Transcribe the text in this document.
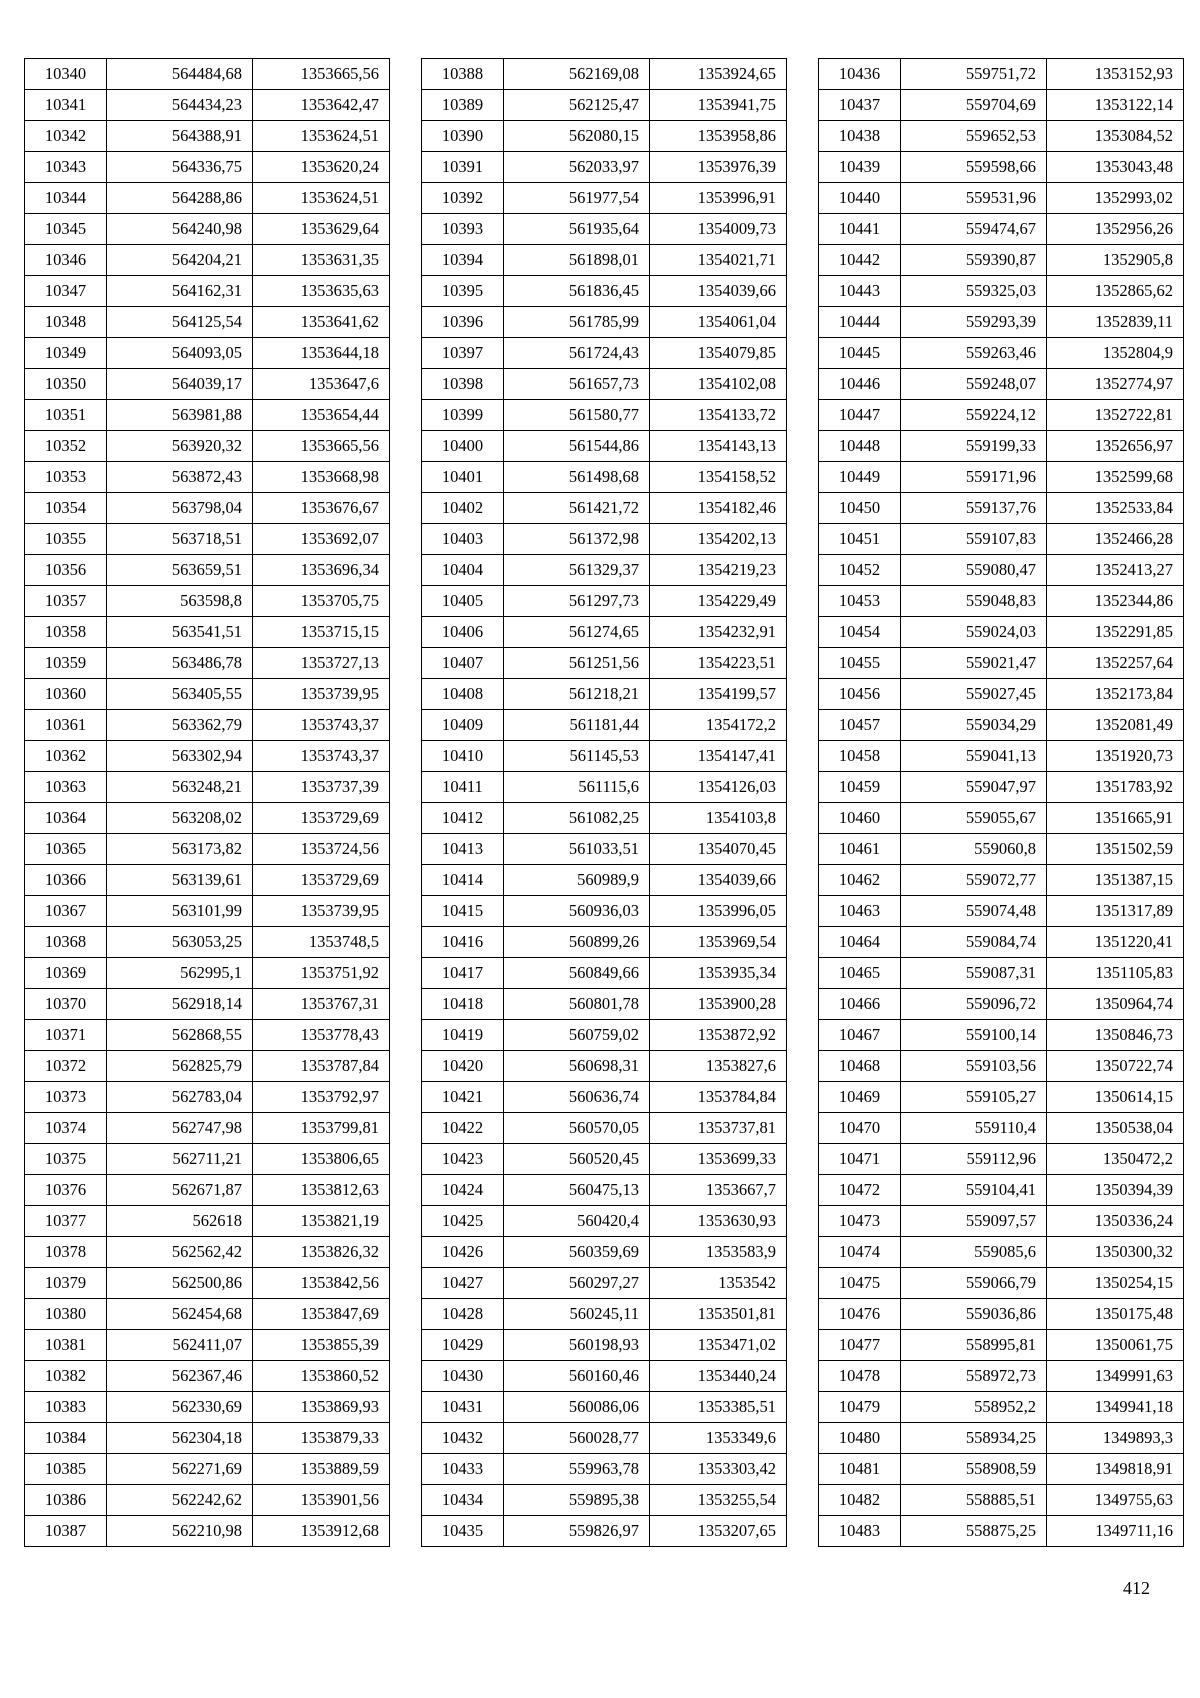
10340	564484,68	1353665,56
10341	564434,23	1353642,47
10342	564388,91	1353624,51
10343	564336,75	1353620,24
10344	564288,86	1353624,51
10345	564240,98	1353629,64
10346	564204,21	1353631,35
10347	564162,31	1353635,63
10348	564125,54	1353641,62
10349	564093,05	1353644,18
10350	564039,17	1353647,6
10351	563981,88	1353654,44
10352	563920,32	1353665,56
10353	563872,43	1353668,98
10354	563798,04	1353676,67
10355	563718,51	1353692,07
10356	563659,51	1353696,34
10357	563598,8	1353705,75
10358	563541,51	1353715,15
10359	563486,78	1353727,13
10360	563405,55	1353739,95
10361	563362,79	1353743,37
10362	563302,94	1353743,37
10363	563248,21	1353737,39
10364	563208,02	1353729,69
10365	563173,82	1353724,56
10366	563139,61	1353729,69
10367	563101,99	1353739,95
10368	563053,25	1353748,5
10369	562995,1	1353751,92
10370	562918,14	1353767,31
10371	562868,55	1353778,43
10372	562825,79	1353787,84
10373	562783,04	1353792,97
10374	562747,98	1353799,81
10375	562711,21	1353806,65
10376	562671,87	1353812,63
10377	562618	1353821,19
10378	562562,42	1353826,32
10379	562500,86	1353842,56
10380	562454,68	1353847,69
10381	562411,07	1353855,39
10382	562367,46	1353860,52
10383	562330,69	1353869,93
10384	562304,18	1353879,33
10385	562271,69	1353889,59
10386	562242,62	1353901,56
10387	562210,98	1353912,68
10388	562169,08	1353924,65
10389	562125,47	1353941,75
10390	562080,15	1353958,86
10391	562033,97	1353976,39
10392	561977,54	1353996,91
10393	561935,64	1354009,73
10394	561898,01	1354021,71
10395	561836,45	1354039,66
10396	561785,99	1354061,04
10397	561724,43	1354079,85
10398	561657,73	1354102,08
10399	561580,77	1354133,72
10400	561544,86	1354143,13
10401	561498,68	1354158,52
10402	561421,72	1354182,46
10403	561372,98	1354202,13
10404	561329,37	1354219,23
10405	561297,73	1354229,49
10406	561274,65	1354232,91
10407	561251,56	1354223,51
10408	561218,21	1354199,57
10409	561181,44	1354172,2
10410	561145,53	1354147,41
10411	561115,6	1354126,03
10412	561082,25	1354103,8
10413	561033,51	1354070,45
10414	560989,9	1354039,66
10415	560936,03	1353996,05
10416	560899,26	1353969,54
10417	560849,66	1353935,34
10418	560801,78	1353900,28
10419	560759,02	1353872,92
10420	560698,31	1353827,6
10421	560636,74	1353784,84
10422	560570,05	1353737,81
10423	560520,45	1353699,33
10424	560475,13	1353667,7
10425	560420,4	1353630,93
10426	560359,69	1353583,9
10427	560297,27	1353542
10428	560245,11	1353501,81
10429	560198,93	1353471,02
10430	560160,46	1353440,24
10431	560086,06	1353385,51
10432	560028,77	1353349,6
10433	559963,78	1353303,42
10434	559895,38	1353255,54
10435	559826,97	1353207,65
10436	559751,72	1353152,93
10437	559704,69	1353122,14
10438	559652,53	1353084,52
10439	559598,66	1353043,48
10440	559531,96	1352993,02
10441	559474,67	1352956,26
10442	559390,87	1352905,8
10443	559325,03	1352865,62
10444	559293,39	1352839,11
10445	559263,46	1352804,9
10446	559248,07	1352774,97
10447	559224,12	1352722,81
10448	559199,33	1352656,97
10449	559171,96	1352599,68
10450	559137,76	1352533,84
10451	559107,83	1352466,28
10452	559080,47	1352413,27
10453	559048,83	1352344,86
10454	559024,03	1352291,85
10455	559021,47	1352257,64
10456	559027,45	1352173,84
10457	559034,29	1352081,49
10458	559041,13	1351920,73
10459	559047,97	1351783,92
10460	559055,67	1351665,91
10461	559060,8	1351502,59
10462	559072,77	1351387,15
10463	559074,48	1351317,89
10464	559084,74	1351220,41
10465	559087,31	1351105,83
10466	559096,72	1350964,74
10467	559100,14	1350846,73
10468	559103,56	1350722,74
10469	559105,27	1350614,15
10470	559110,4	1350538,04
10471	559112,96	1350472,2
10472	559104,41	1350394,39
10473	559097,57	1350336,24
10474	559085,6	1350300,32
10475	559066,79	1350254,15
10476	559036,86	1350175,48
10477	558995,81	1350061,75
10478	558972,73	1349991,63
10479	558952,2	1349941,18
10480	558934,25	1349893,3
10481	558908,59	1349818,91
10482	558885,51	1349755,63
10483	558875,25	1349711,16
412
